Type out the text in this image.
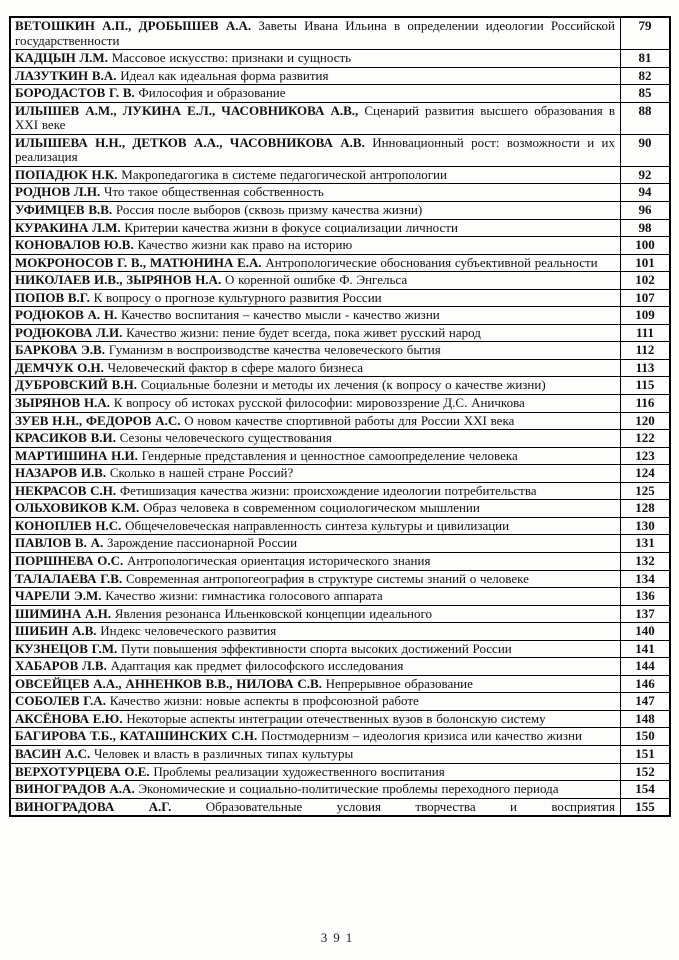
ВЕТОШКИН А.П., ДРОБЫШЕВ А.А. Заветы Ивана Ильина в определении идеологии Российской государственности	79
КАДЦЫН Л.М. Массовое искусство: признаки и сущность	81
ЛАЗУТКИН В.А. Идеал как идеальная форма развития	82
БОРОДАСТОВ Г. В. Философия и образование	85
ИЛЫШЕВ А.М., ЛУКИНА Е.Л., ЧАСОВНИКОВА А.В., Сценарий развития высшего образования в XXI веке	88
ИЛЫШЕВА Н.Н., ДЕТКОВ А.А., ЧАСОВНИКОВА А.В. Инновационный рост: возможности и их реализация	90
ПОПАДЮК Н.К. Макропедагогика в системе педагогической антропологии	92
РОДНОВ Л.Н. Что такое общественная собственность	94
УФИМЦЕВ В.В. Россия после выборов (сквозь призму качества жизни)	96
КУРАКИНА Л.М. Критерии качества жизни в фокусе социализации личности	98
КОНОВАЛОВ Ю.В. Качество жизни как право на историю	100
МОКРОНОСОВ Г. В., МАТЮНИНА Е.А. Антропологические обоснования субъективной реальности	101
НИКОЛАЕВ И.В., ЗЫРЯНОВ Н.А. О коренной ошибке Ф. Энгельса	102
ПОПОВ В.Г. К вопросу о прогнозе культурного развития России	107
РОДЮКОВ А. Н. Качество воспитания – качество мысли - качество жизни	109
РОДЮКОВА Л.И. Качество жизни: пение будет всегда, пока живет русский народ	111
БАРКОВА Э.В. Гуманизм в воспроизводстве качества человеческого бытия	112
ДЕМЧУК О.Н. Человеческий фактор в сфере малого бизнеса	113
ДУБРОВСКИЙ В.Н. Социальные болезни и методы их лечения (к вопросу о качестве жизни)	115
ЗЫРЯНОВ Н.А. К вопросу об истоках русской философии: мировоззрение Д.С. Аничкова	116
ЗУЕВ Н.Н., ФЕДОРОВ А.С. О новом качестве спортивной работы для России XXI века	120
КРАСИКОВ В.И. Сезоны человеческого существования	122
МАРТИШИНА Н.И. Гендерные представления и ценностное самоопределение человека	123
НАЗАРОВ И.В. Сколько в нашей стране Россий?	124
НЕКРАСОВ С.Н. Фетишизация качества жизни: происхождение идеологии потребительства	125
ОЛЬХОВИКОВ К.М. Образ человека в современном социологическом мышлении	128
КОНОПЛЕВ Н.С. Общечеловеческая направленность синтеза культуры и цивилизации	130
ПАВЛОВ В. А. Зарождение пассионарной России	131
ПОРШНЕВА О.С. Антропологическая ориентация исторического знания	132
ТАЛАЛАЕВА Г.В. Современная антропогеография в структуре системы знаний о человеке	134
ЧАРЕЛИ Э.М. Качество жизни: гимнастика голосового аппарата	136
ШИМИНА А.Н. Явления резонанса Ильенковской концепции идеального	137
ШИБИН А.В. Индекс человеческого развития	140
КУЗНЕЦОВ Г.М. Пути повышения эффективности спорта высоких достижений России	141
ХАБАРОВ Л.В. Адаптация как предмет философского исследования	144
ОВСЕЙЦЕВ А.А., АННЕНКОВ В.В., НИЛОВА С.В. Непрерывное образование	146
СОБОЛЕВ Г.А. Качество жизни: новые аспекты в профсоюзной работе	147
АКСЁНОВА Е.Ю. Некоторые аспекты интеграции отечественных вузов в болонскую систему	148
БАГИРОВА Т.Б., КАТАШИНСКИХ С.Н. Постмодернизм – идеология кризиса или качество жизни	150
ВАСИН А.С. Человек и власть в различных типах культуры	151
ВЕРХОТУРЦЕВА О.Е. Проблемы реализации художественного воспитания	152
ВИНОГРАДОВ А.А. Экономические и социально-политические проблемы переходного периода	154
ВИНОГРАДОВА А.Г. Образовательные условия творчества и восприятия	155
391
